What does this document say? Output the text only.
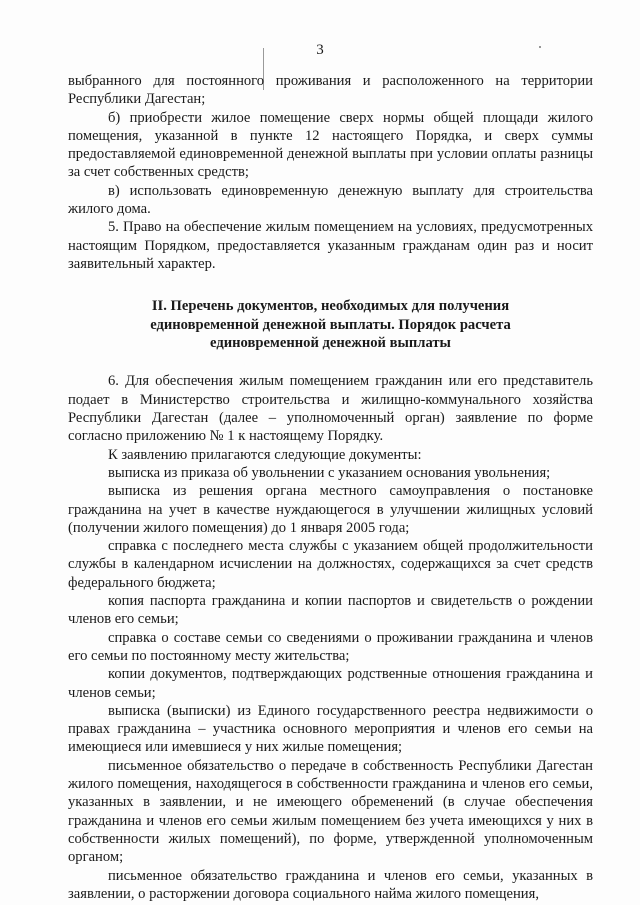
3

выбранного для постоянного проживания и расположенного на территории Республики Дагестан;

б) приобрести жилое помещение сверх нормы общей площади жилого помещения, указанной в пункте 12 настоящего Порядка, и сверх суммы предоставляемой единовременной денежной выплаты при условии оплаты разницы за счет собственных средств;

в) использовать единовременную денежную выплату для строительства жилого дома.

5. Право на обеспечение жилым помещением на условиях, предусмотренных настоящим Порядком, предоставляется указанным гражданам один раз и носит заявительный характер.

II. Перечень документов, необходимых для получения единовременной денежной выплаты. Порядок расчета единовременной денежной выплаты

6. Для обеспечения жилым помещением гражданин или его представитель подает в Министерство строительства и жилищно-коммунального хозяйства Республики Дагестан (далее – уполномоченный орган) заявление по форме согласно приложению № 1 к настоящему Порядку.

К заявлению прилагаются следующие документы:

выписка из приказа об увольнении с указанием основания увольнения;

выписка из решения органа местного самоуправления о постановке гражданина на учет в качестве нуждающегося в улучшении жилищных условий (получении жилого помещения) до 1 января 2005 года;

справка с последнего места службы с указанием общей продолжительности службы в календарном исчислении на должностях, содержащихся за счет средств федерального бюджета;

копия паспорта гражданина и копии паспортов и свидетельств о рождении членов его семьи;

справка о составе семьи со сведениями о проживании гражданина и членов его семьи по постоянному месту жительства;

копии документов, подтверждающих родственные отношения гражданина и членов семьи;

выписка (выписки) из Единого государственного реестра недвижимости о правах гражданина – участника основного мероприятия и членов его семьи на имеющиеся или имевшиеся у них жилые помещения;

письменное обязательство о передаче в собственность Республики Дагестан жилого помещения, находящегося в собственности гражданина и членов его семьи, указанных в заявлении, и не имеющего обременений (в случае обеспечения гражданина и членов его семьи жилым помещением без учета имеющихся у них в собственности жилых помещений), по форме, утвержденной уполномоченным органом;

письменное обязательство гражданина и членов его семьи, указанных в заявлении, о расторжении договора социального найма жилого помещения,
